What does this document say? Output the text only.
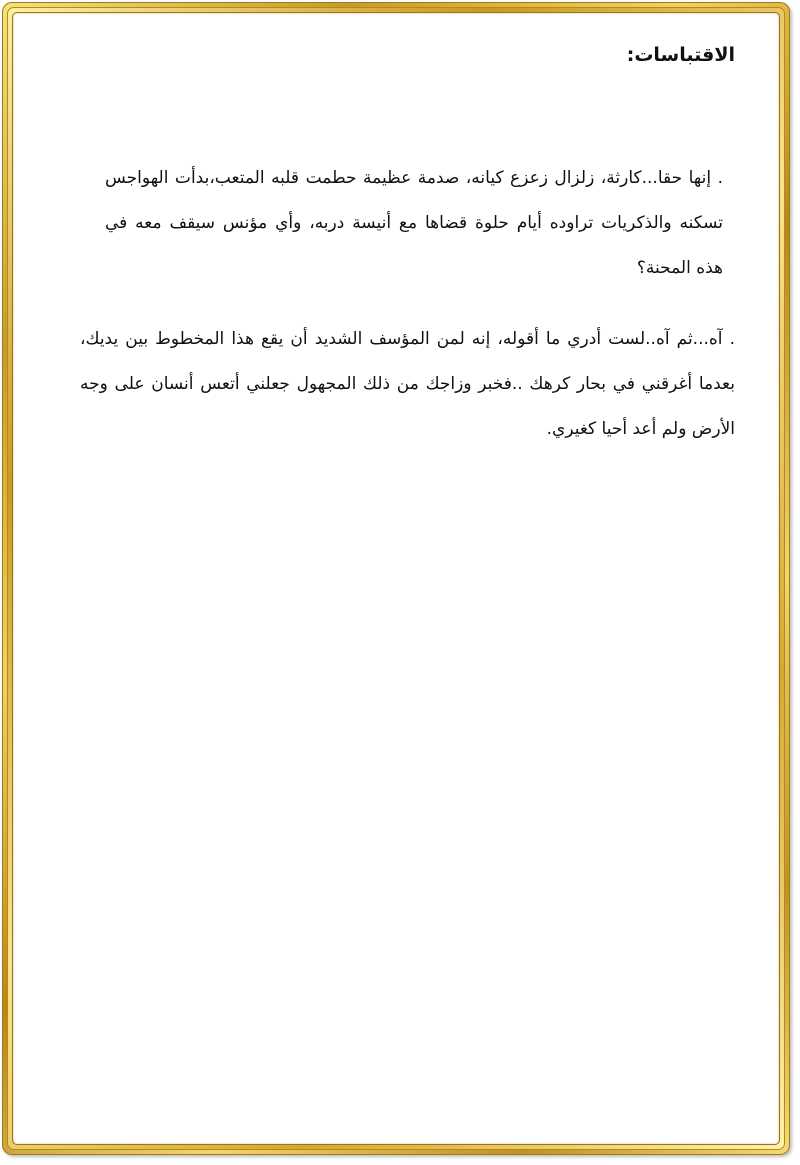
الاقتباسات:

. إنها حقا...كارثة، زلزال زعزع كيانه، صدمة عظيمة حطمت قلبه المتعب،بدأت الهواجس تسكنه والذكريات تراوده أيام حلوة قضاها مع أنيسة دربه، وأي مؤنس سيقف معه في هذه المحنة؟

. آه...ثم آه..لست أدري ما أقوله، إنه لمن المؤسف الشديد أن يقع هذا المخطوط بين يديك، بعدما أغرقني في بحار كرهك ..فخبر وزاجك من ذلك المجهول جعلني أتعس أنسان على وجه الأرض ولم أعد أحيا كغيري.
